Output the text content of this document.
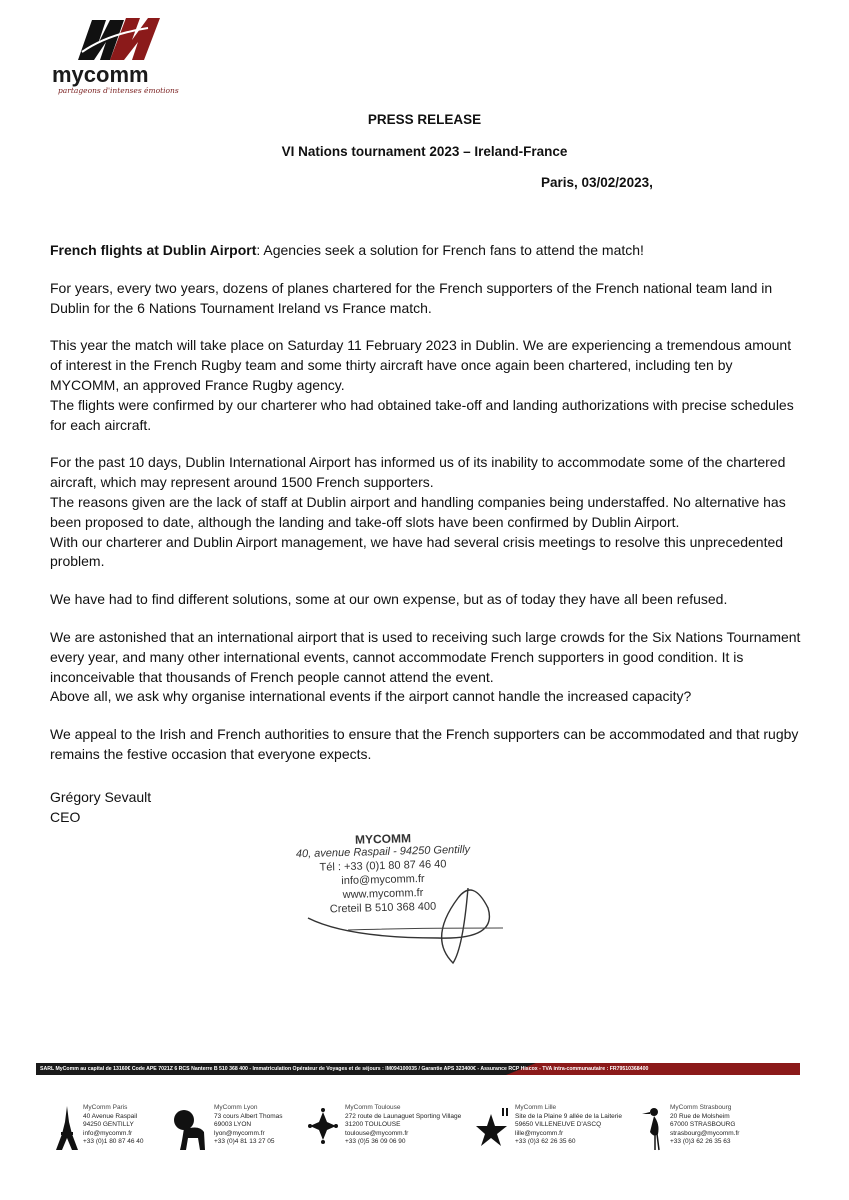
mycomm
partageons d'intenses émotions
PRESS RELEASE
VI Nations tournament 2023 – Ireland-France
Paris, 03/02/2023,

French flights at Dublin Airport: Agencies seek a solution for French fans to attend the match!

For years, every two years, dozens of planes chartered for the French supporters of the French national team land in Dublin for the 6 Nations Tournament Ireland vs France match.

This year the match will take place on Saturday 11 February 2023 in Dublin. We are experiencing a tremendous amount of interest in the French Rugby team and some thirty aircraft have once again been chartered, including ten by MYCOMM, an approved France Rugby agency.

The flights were confirmed by our charterer who had obtained take-off and landing authorizations with precise schedules for each aircraft.

For the past 10 days, Dublin International Airport has informed us of its inability to accommodate some of the chartered aircraft, which may represent around 1500 French supporters.

The reasons given are the lack of staff at Dublin airport and handling companies being understaffed. No alternative has been proposed to date, although the landing and take-off slots have been confirmed by Dublin Airport.

With our charterer and Dublin Airport management, we have had several crisis meetings to resolve this unprecedented problem.

We have had to find different solutions, some at our own expense, but as of today they have all been refused.

We are astonished that an international airport that is used to receiving such large crowds for the Six Nations Tournament every year, and many other international events, cannot accommodate French supporters in good condition. It is inconceivable that thousands of French people cannot attend the event.

Above all, we ask why organise international events if the airport cannot handle the increased capacity?

We appeal to the Irish and French authorities to ensure that the French supporters can be accommodated and that rugby remains the festive occasion that everyone expects.

Grégory Sevault
CEO
MYCOMM
40, avenue Raspail - 94250 Gentilly
Tél : +33 (0)1 80 87 46 40
info@mycomm.fr
www.mycomm.fr
Creteil B 510 368 400
SARL MyComm au capital de 13160€ Code APE 7021Z 6 RCS Nanterre B 510 368 400 - Immatriculation Opérateur de Voyages et de séjours : IM094100035 / Garantie APS 323400€ - Assurance RCP Hiscox - TVA intra-communautaire : FR79510368400
MyComm Paris
40 Avenue Raspail
94250 GENTILLY
info@mycomm.fr
+33 (0)1 80 87 46 40
MyComm Lyon
73 cours Albert Thomas
69003 LYON
lyon@mycomm.fr
+33 (0)4 81 13 27 05
MyComm Toulouse
272 route de Launaguet Sporting Village
31200 TOULOUSE
toulouse@mycomm.fr
+33 (0)5 36 09 06 90
MyComm Lille
Site de la Plaine 9 allée de la Laiterie
59650 VILLENEUVE D'ASCQ
lille@mycomm.fr
+33 (0)3 62 26 35 60
MyComm Strasbourg
20 Rue de Molsheim
67000 STRASBOURG
strasbourg@mycomm.fr
+33 (0)3 62 26 35 63
